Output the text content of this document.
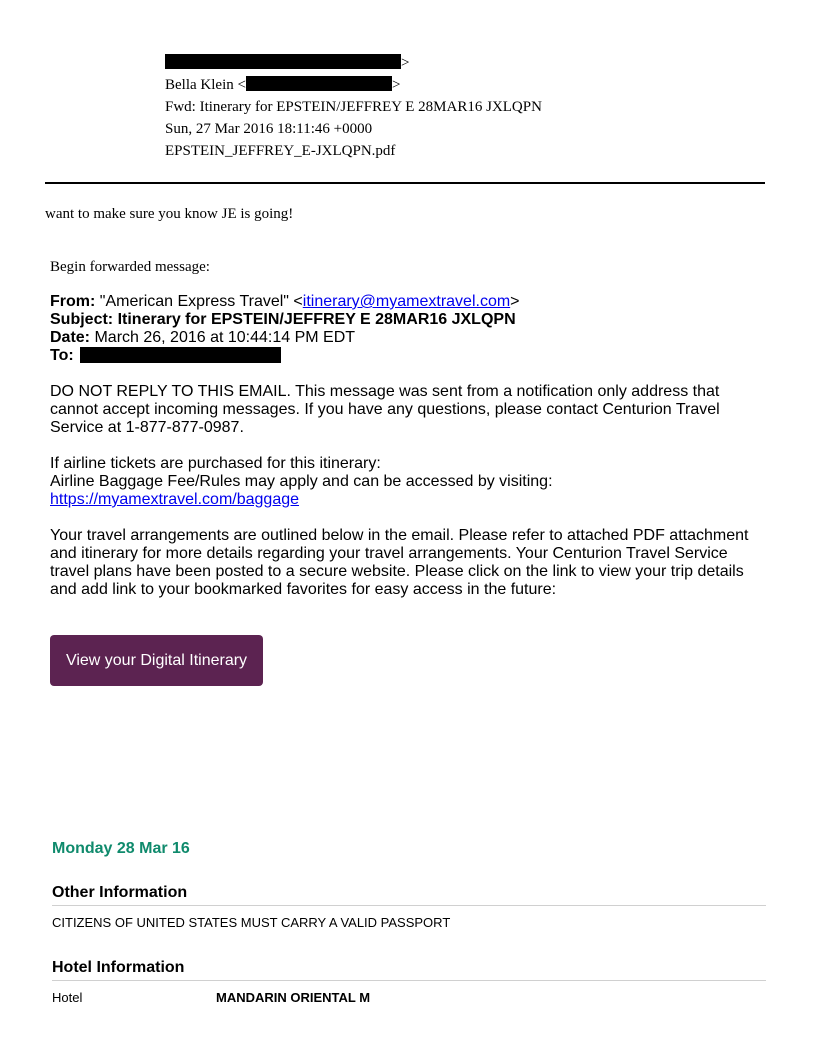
>
Bella Klein <	>
Fwd: Itinerary for EPSTEIN/JEFFREY E 28MAR16 JXLQPN
Sun, 27 Mar 2016 18:11:46 +0000
EPSTEIN_JEFFREY_E-JXLQPN.pdf
want to make sure you know JE is going!
Begin forwarded message:
From: "American Express Travel" <itinerary@myamextravel.com>
Subject: Itinerary for EPSTEIN/JEFFREY E 28MAR16 JXLQPN
Date: March 26, 2016 at 10:44:14 PM EDT
To:
DO NOT REPLY TO THIS EMAIL. This message was sent from a notification only address that
cannot accept incoming messages. If you have any questions, please contact Centurion Travel
Service at 1-877-877-0987.
If airline tickets are purchased for this itinerary:
Airline Baggage Fee/Rules may apply and can be accessed by visiting:
https://myamextravel.com/baggage
Your travel arrangements are outlined below in the email. Please refer to attached PDF attachment
and itinerary for more details regarding your travel arrangements. Your Centurion Travel Service
travel plans have been posted to a secure website. Please click on the link to view your trip details
and add link to your bookmarked favorites for easy access in the future:
View your Digital Itinerary
Monday 28 Mar 16
Other Information
CITIZENS OF UNITED STATES MUST CARRY A VALID PASSPORT
Hotel Information
Hotel	MANDARIN ORIENTAL M
